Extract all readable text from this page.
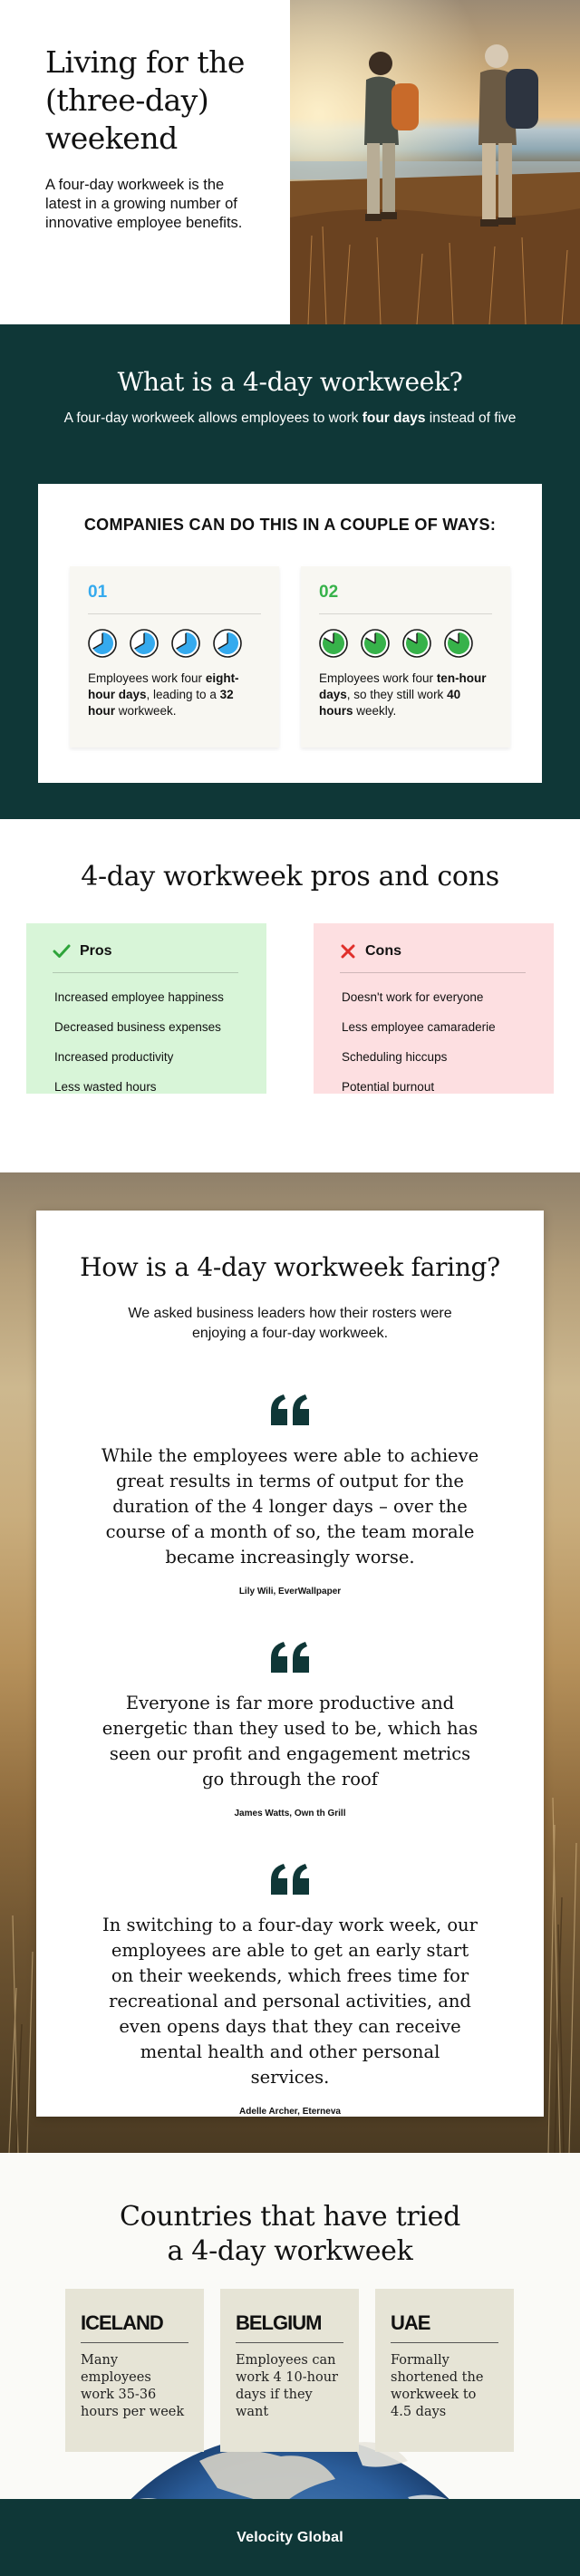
Living for the (three-day) weekend

A four-day workweek is the latest in a growing number of innovative employee benefits.

What is a 4-day workweek?

A four-day workweek allows employees to work four days instead of five

COMPANIES CAN DO THIS IN A COUPLE OF WAYS:
01

Employees work four eight-hour days, leading to a 32 hour workweek.

02

Employees work four ten-hour days, so they still work 40 hours weekly.

4-day workweek pros and cons
Pros
Increased employee happiness
Decreased business expenses
Increased productivity
Less wasted hours
Cons
Doesn't work for everyone
Less employee camaraderie
Scheduling hiccups
Potential burnout
How is a 4-day workweek faring?

We asked business leaders how their rosters were enjoying a four-day workweek.

While the employees were able to achieve great results in terms of output for the duration of the 4 longer days – over the course of a month of so, the team morale became increasingly worse.

Lily Wili, EverWallpaper

Everyone is far more productive and energetic than they used to be, which has seen our profit and engagement metrics go through the roof

James Watts, Own th Grill

In switching to a four-day work week, our employees are able to get an early start on their weekends, which frees time for recreational and personal activities, and even opens days that they can receive mental health and other personal services.

Adelle Archer, Eterneva

Countries that have tried
a 4-day workweek
ICELAND

Many employees work 35-36 hours per week

BELGIUM

Employees can work 4 10-hour days if they want

UAE

Formally shortened the workweek to 4.5 days

Velocity Global
